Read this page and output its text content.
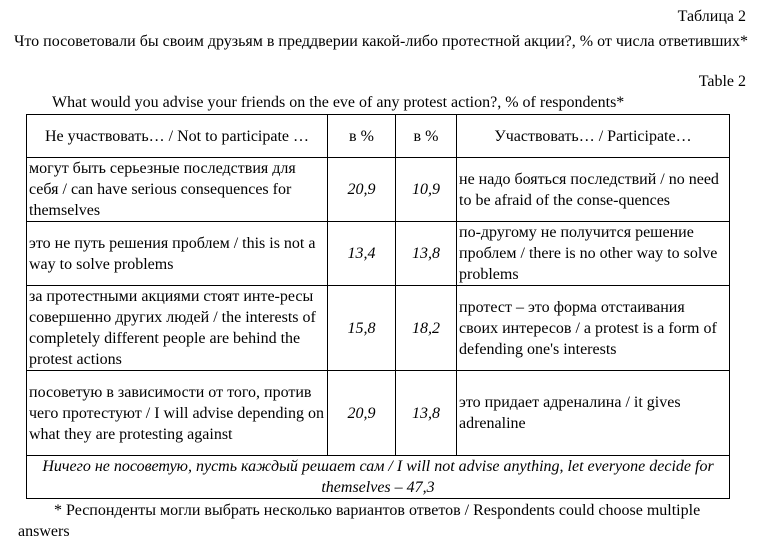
Таблица 2
Что посоветовали бы своим друзьям в преддверии какой-либо протестной акции?, % от числа ответивших*
Table 2
What would you advise your friends on the eve of any protest action?, % of respondents*
Не участвовать… / Not to participate …	в %	в %	Участвовать… / Participate…
могут быть серьезные последствия для себя / can have serious consequences for themselves	20,9	10,9	не надо бояться последствий / no need to be afraid of the conse-quences
это не путь решения проблем / this is not a way to solve problems	13,4	13,8	по-другому не получится решение проблем / there is no other way to solve problems
за протестными акциями стоят инте-ресы совершенно других людей / the interests of completely different people are behind the protest actions	15,8	18,2	протест – это форма отстаивания своих интересов / a protest is a form of defending one's interests
посоветую в зависимости от того, против чего протестуют / I will advise depending on what they are protesting against	20,9	13,8	это придает адреналина / it gives adrenaline
Ничего не посоветую, пусть каждый решает сам / I will not advise anything, let everyone decide for themselves – 47,3			
* Респонденты могли выбрать несколько вариантов ответов / Respondents could choose multiple answers
